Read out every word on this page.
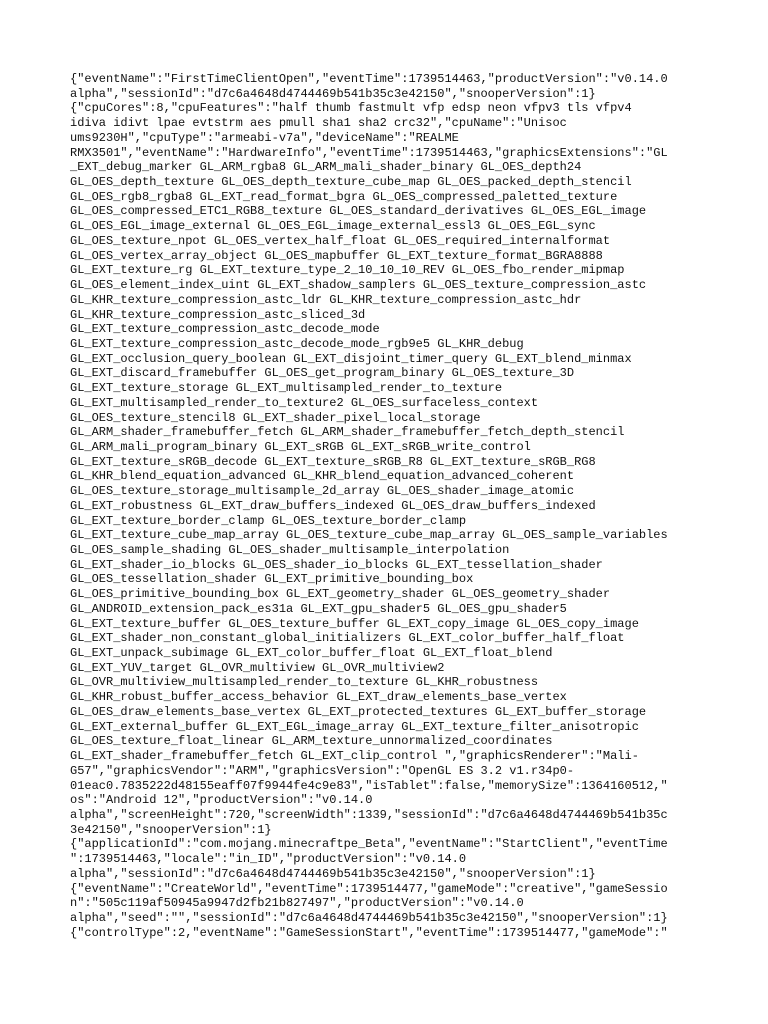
{"eventName":"FirstTimeClientOpen","eventTime":1739514463,"productVersion":"v0.14.0
alpha","sessionId":"d7c6a4648d4744469b541b35c3e42150","snooperVersion":1}
{"cpuCores":8,"cpuFeatures":"half thumb fastmult vfp edsp neon vfpv3 tls vfpv4
idiva idivt lpae evtstrm aes pmull sha1 sha2 crc32","cpuName":"Unisoc
ums9230H","cpuType":"armeabi-v7a","deviceName":"REALME
RMX3501","eventName":"HardwareInfo","eventTime":1739514463,"graphicsExtensions":"GL
_EXT_debug_marker GL_ARM_rgba8 GL_ARM_mali_shader_binary GL_OES_depth24
GL_OES_depth_texture GL_OES_depth_texture_cube_map GL_OES_packed_depth_stencil
GL_OES_rgb8_rgba8 GL_EXT_read_format_bgra GL_OES_compressed_paletted_texture
GL_OES_compressed_ETC1_RGB8_texture GL_OES_standard_derivatives GL_OES_EGL_image
GL_OES_EGL_image_external GL_OES_EGL_image_external_essl3 GL_OES_EGL_sync
GL_OES_texture_npot GL_OES_vertex_half_float GL_OES_required_internalformat
GL_OES_vertex_array_object GL_OES_mapbuffer GL_EXT_texture_format_BGRA8888
GL_EXT_texture_rg GL_EXT_texture_type_2_10_10_10_REV GL_OES_fbo_render_mipmap
GL_OES_element_index_uint GL_EXT_shadow_samplers GL_OES_texture_compression_astc
GL_KHR_texture_compression_astc_ldr GL_KHR_texture_compression_astc_hdr
GL_KHR_texture_compression_astc_sliced_3d
GL_EXT_texture_compression_astc_decode_mode
GL_EXT_texture_compression_astc_decode_mode_rgb9e5 GL_KHR_debug
GL_EXT_occlusion_query_boolean GL_EXT_disjoint_timer_query GL_EXT_blend_minmax
GL_EXT_discard_framebuffer GL_OES_get_program_binary GL_OES_texture_3D
GL_EXT_texture_storage GL_EXT_multisampled_render_to_texture
GL_EXT_multisampled_render_to_texture2 GL_OES_surfaceless_context
GL_OES_texture_stencil8 GL_EXT_shader_pixel_local_storage
GL_ARM_shader_framebuffer_fetch GL_ARM_shader_framebuffer_fetch_depth_stencil
GL_ARM_mali_program_binary GL_EXT_sRGB GL_EXT_sRGB_write_control
GL_EXT_texture_sRGB_decode GL_EXT_texture_sRGB_R8 GL_EXT_texture_sRGB_RG8
GL_KHR_blend_equation_advanced GL_KHR_blend_equation_advanced_coherent
GL_OES_texture_storage_multisample_2d_array GL_OES_shader_image_atomic
GL_EXT_robustness GL_EXT_draw_buffers_indexed GL_OES_draw_buffers_indexed
GL_EXT_texture_border_clamp GL_OES_texture_border_clamp
GL_EXT_texture_cube_map_array GL_OES_texture_cube_map_array GL_OES_sample_variables
GL_OES_sample_shading GL_OES_shader_multisample_interpolation
GL_EXT_shader_io_blocks GL_OES_shader_io_blocks GL_EXT_tessellation_shader
GL_OES_tessellation_shader GL_EXT_primitive_bounding_box
GL_OES_primitive_bounding_box GL_EXT_geometry_shader GL_OES_geometry_shader
GL_ANDROID_extension_pack_es31a GL_EXT_gpu_shader5 GL_OES_gpu_shader5
GL_EXT_texture_buffer GL_OES_texture_buffer GL_EXT_copy_image GL_OES_copy_image
GL_EXT_shader_non_constant_global_initializers GL_EXT_color_buffer_half_float
GL_EXT_unpack_subimage GL_EXT_color_buffer_float GL_EXT_float_blend
GL_EXT_YUV_target GL_OVR_multiview GL_OVR_multiview2
GL_OVR_multiview_multisampled_render_to_texture GL_KHR_robustness
GL_KHR_robust_buffer_access_behavior GL_EXT_draw_elements_base_vertex
GL_OES_draw_elements_base_vertex GL_EXT_protected_textures GL_EXT_buffer_storage
GL_EXT_external_buffer GL_EXT_EGL_image_array GL_EXT_texture_filter_anisotropic
GL_OES_texture_float_linear GL_ARM_texture_unnormalized_coordinates
GL_EXT_shader_framebuffer_fetch GL_EXT_clip_control ","graphicsRenderer":"Mali-
G57","graphicsVendor":"ARM","graphicsVersion":"OpenGL ES 3.2 v1.r34p0-
01eac0.7835222d48155eaff07f9944fe4c9e83","isTablet":false,"memorySize":1364160512,"
os":"Android 12","productVersion":"v0.14.0
alpha","screenHeight":720,"screenWidth":1339,"sessionId":"d7c6a4648d4744469b541b35c
3e42150","snooperVersion":1}
{"applicationId":"com.mojang.minecraftpe_Beta","eventName":"StartClient","eventTime
":1739514463,"locale":"in_ID","productVersion":"v0.14.0
alpha","sessionId":"d7c6a4648d4744469b541b35c3e42150","snooperVersion":1}
{"eventName":"CreateWorld","eventTime":1739514477,"gameMode":"creative","gameSessio
n":"505c119af50945a9947d2fb21b827497","productVersion":"v0.14.0
alpha","seed":"","sessionId":"d7c6a4648d4744469b541b35c3e42150","snooperVersion":1}
{"controlType":2,"eventName":"GameSessionStart","eventTime":1739514477,"gameMode":"
